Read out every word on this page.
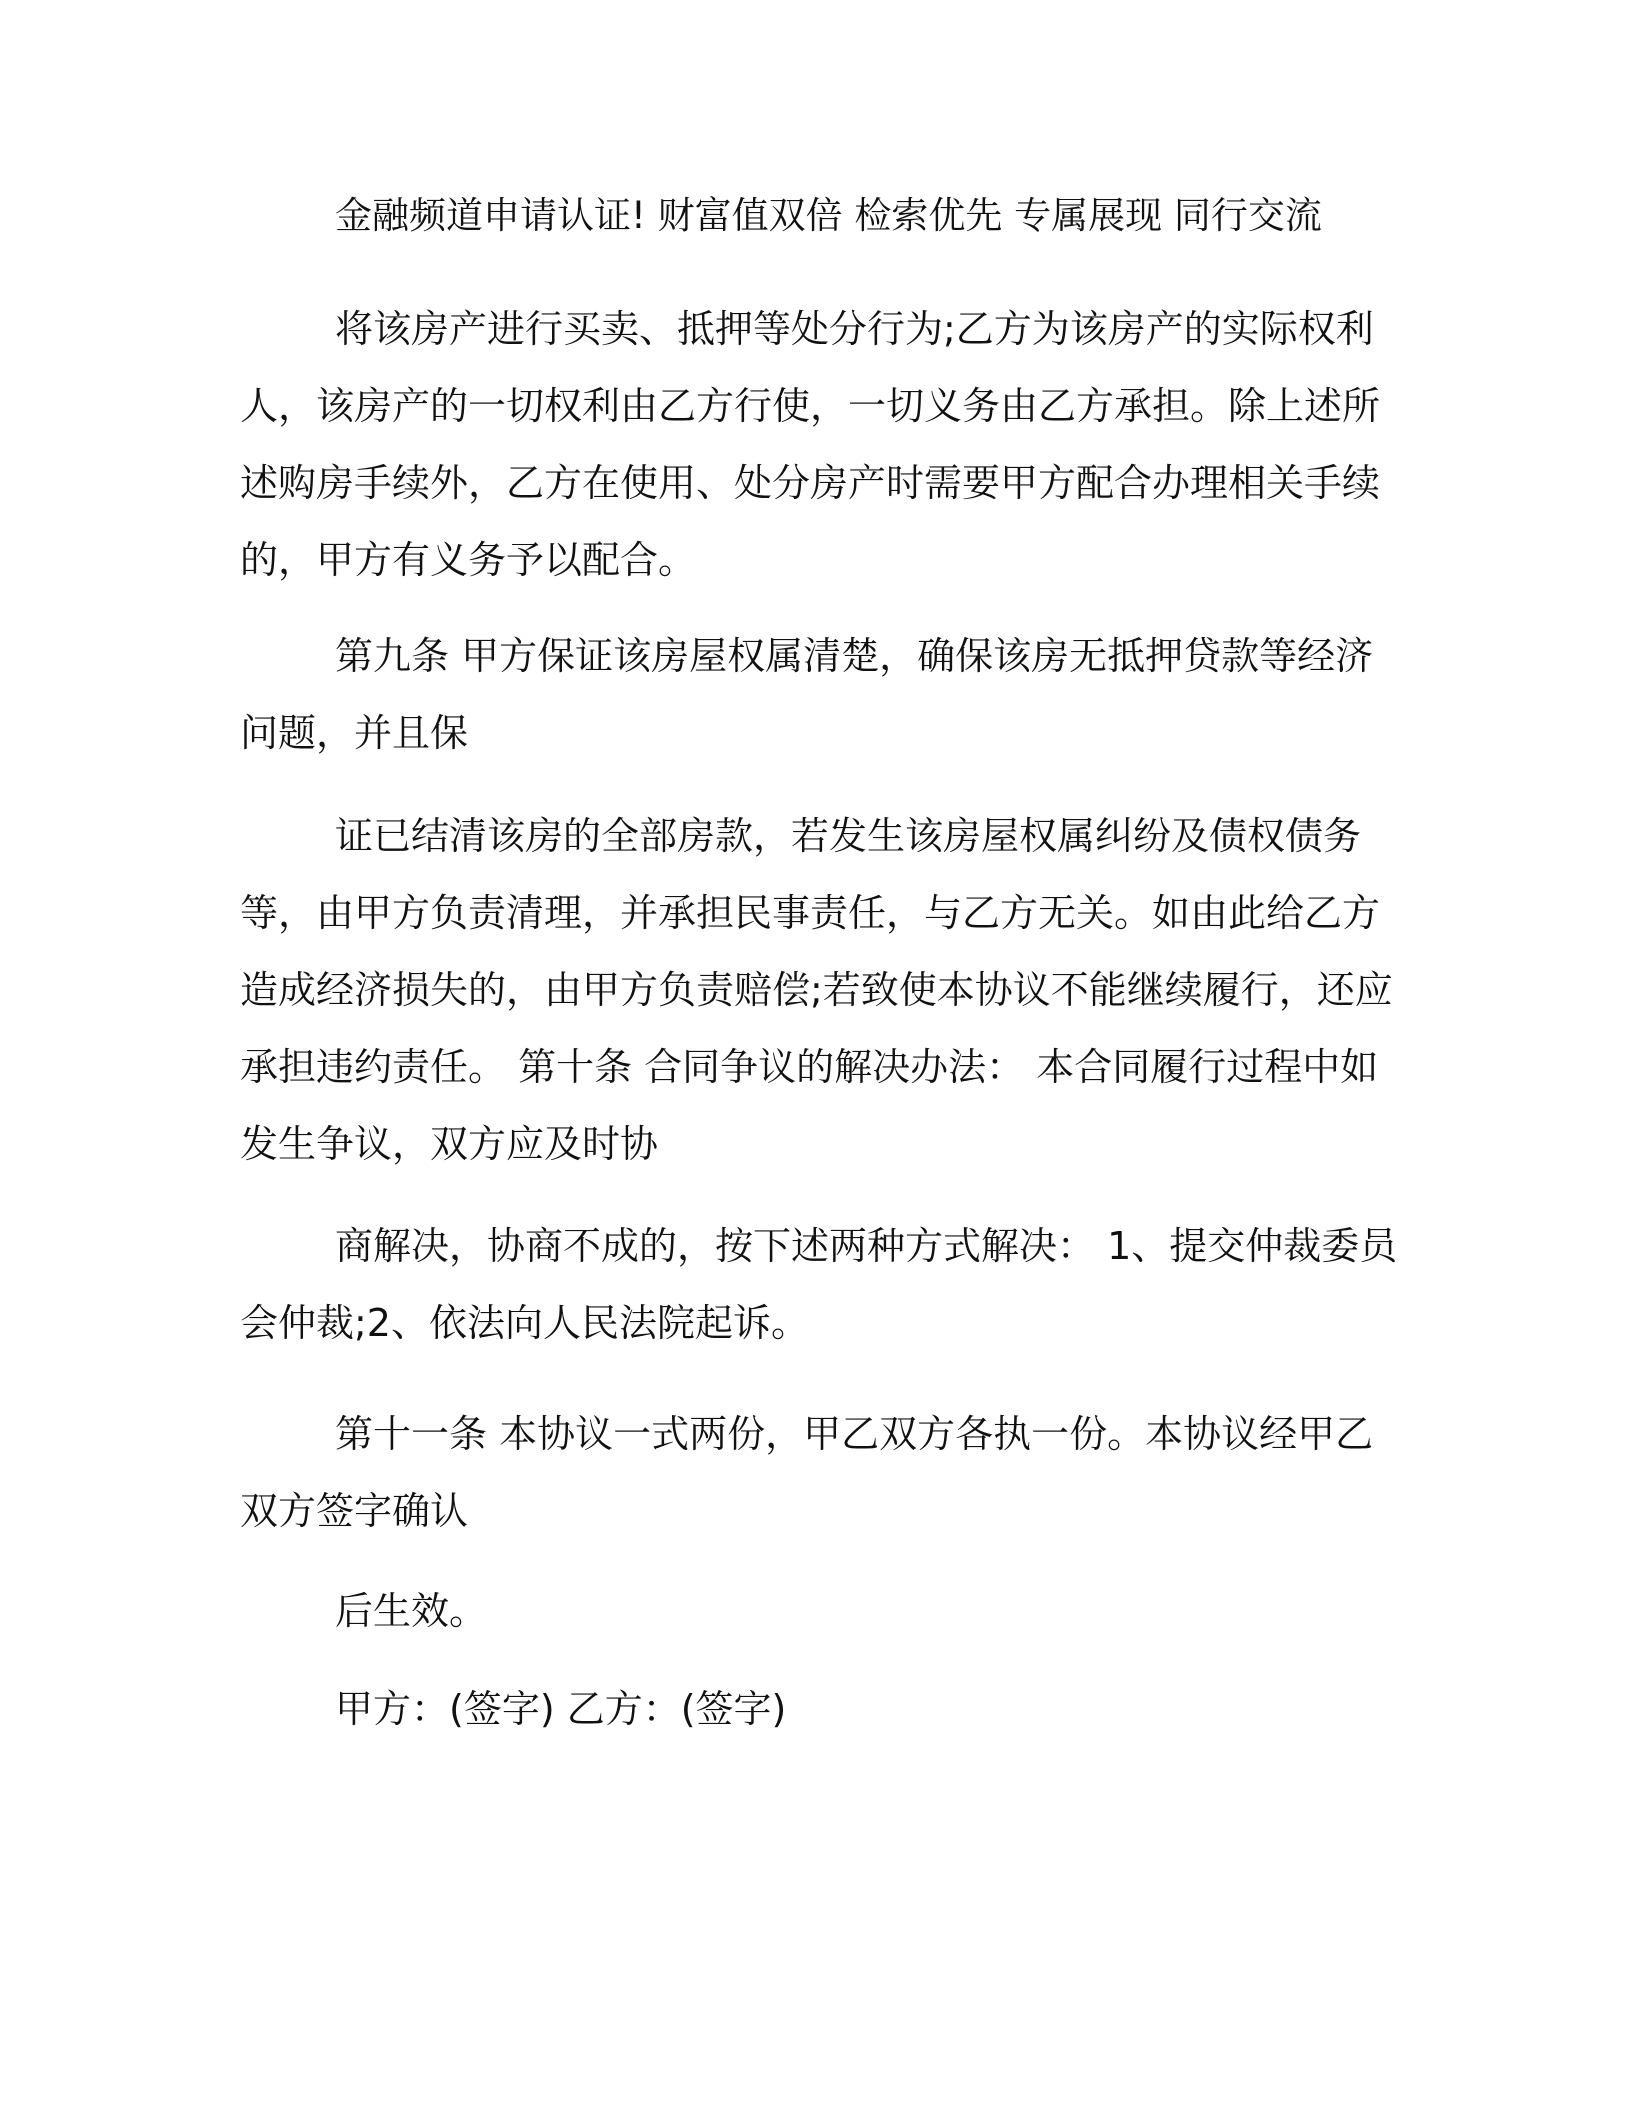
金融频道申请认证! 财富值双倍 检索优先 专属展现 同行交流

将该房产进行买卖、抵押等处分行为;乙方为该房产的实际权利人，该房产的一切权利由乙方行使，一切义务由乙方承担。除上述所述购房手续外，乙方在使用、处分房产时需要甲方配合办理相关手续的，甲方有义务予以配合。

第九条 甲方保证该房屋权属清楚，确保该房无抵押贷款等经济问题，并且保

证已结清该房的全部房款，若发生该房屋权属纠纷及债权债务等，由甲方负责清理，并承担民事责任，与乙方无关。如由此给乙方造成经济损失的，由甲方负责赔偿;若致使本协议不能继续履行，还应承担违约责任。 第十条 合同争议的解决办法： 本合同履行过程中如发生争议，双方应及时协

商解决，协商不成的，按下述两种方式解决： 1、提交仲裁委员会仲裁;2、依法向人民法院起诉。

第十一条 本协议一式两份，甲乙双方各执一份。本协议经甲乙双方签字确认

后生效。

甲方：(签字) 乙方：(签字)
